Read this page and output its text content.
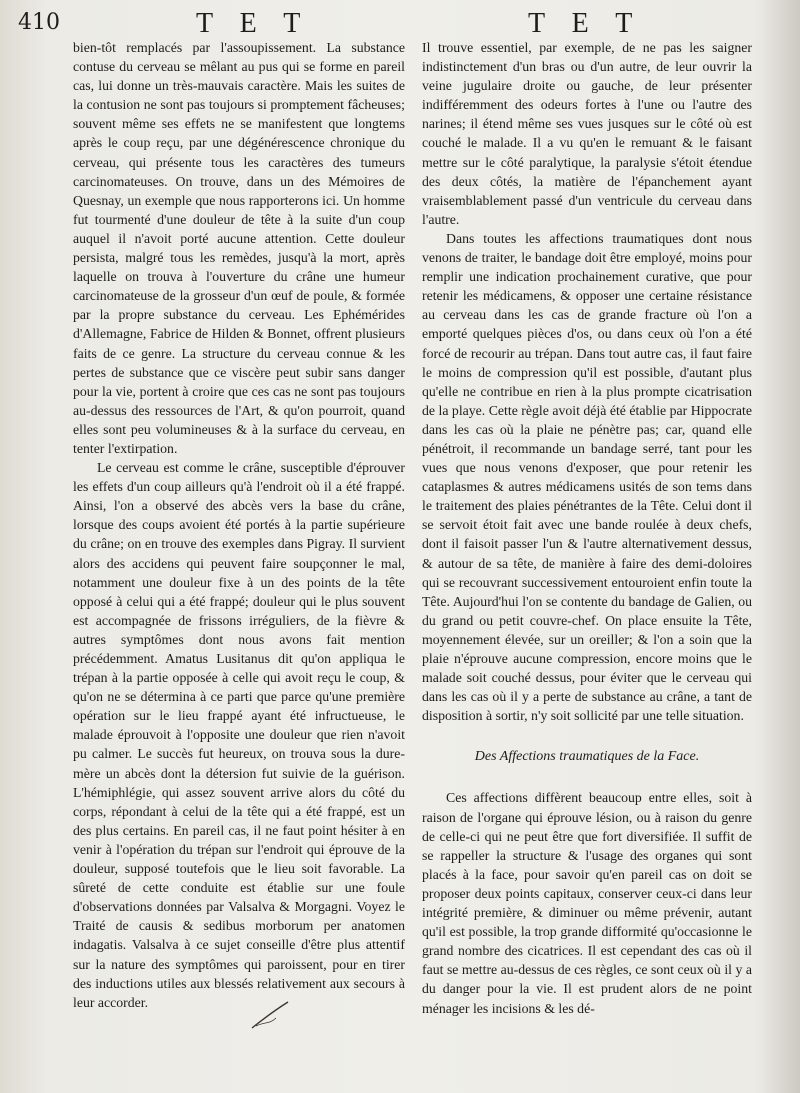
410	T E T	T E T

bien-tôt remplacés par l'assoupissement. La substance contuse du cerveau se mêlant au pus qui se forme en pareil cas, lui donne un très-mauvais caractère. Mais les suites de la contusion ne sont pas toujours si promptement fâcheuses; souvent même ses effets ne se manifestent que longtems après le coup reçu, par une dégénérescence chronique du cerveau, qui présente tous les caractères des tumeurs carcinomateuses. On trouve, dans un des Mémoires de Quesnay, un exemple que nous rapporterons ici. Un homme fut tourmenté d'une douleur de tête à la suite d'un coup auquel il n'avoit porté aucune attention. Cette douleur persista, malgré tous les remèdes, jusqu'à la mort, après laquelle on trouva à l'ouverture du crâne une humeur carcinomateuse de la grosseur d'un œuf de poule, & formée par la propre substance du cerveau. Les Ephémérides d'Allemagne, Fabrice de Hilden & Bonnet, offrent plusieurs faits de ce genre. La structure du cerveau connue & les pertes de substance que ce viscère peut subir sans danger pour la vie, portent à croire que ces cas ne sont pas toujours au-dessus des ressources de l'Art, & qu'on pourroit, quand elles sont peu volumineuses & à la surface du cerveau, en tenter l'extirpation.

Le cerveau est comme le crâne, susceptible d'éprouver les effets d'un coup ailleurs qu'à l'endroit où il a été frappé. Ainsi, l'on a observé des abcès vers la base du crâne, lorsque des coups avoient été portés à la partie supérieure du crâne; on en trouve des exemples dans Pigray. Il survient alors des accidens qui peuvent faire soupçonner le mal, notamment une douleur fixe à un des points de la tête opposé à celui qui a été frappé; douleur qui le plus souvent est accompagnée de frissons irréguliers, de la fièvre & autres symptômes dont nous avons fait mention précédemment. Amatus Lusitanus dit qu'on appliqua le trépan à la partie opposée à celle qui avoit reçu le coup, & qu'on ne se détermina à ce parti que parce qu'une première opération sur le lieu frappé ayant été infructueuse, le malade éprouvoit à l'opposite une douleur que rien n'avoit pu calmer. Le succès fut heureux, on trouva sous la dure-mère un abcès dont la détersion fut suivie de la guérison. L'hémiphlégie, qui assez souvent arrive alors du côté du corps, répondant à celui de la tête qui a été frappé, est un des plus certains. En pareil cas, il ne faut point hésiter à en venir à l'opération du trépan sur l'endroit qui éprouve de la douleur, supposé toutefois que le lieu soit favorable. La sûreté de cette conduite est établie sur une foule d'observations données par Valsalva & Morgagni. Voyez le Traité de causis & sedibus morborum per anatomen indagatis. Valsalva à ce sujet conseille d'être plus attentif sur la nature des symptômes qui paroissent, pour en tirer des inductions utiles aux blessés relativement aux secours à leur accorder.

Il trouve essentiel, par exemple, de ne pas les saigner indistinctement d'un bras ou d'un autre, de leur ouvrir la veine jugulaire droite ou gauche, de leur présenter indifféremment des odeurs fortes à l'une ou l'autre des narines; il étend même ses vues jusques sur le côté où est couché le malade. Il a vu qu'en le remuant & le faisant mettre sur le côté paralytique, la paralysie s'étoit étendue des deux côtés, la matière de l'épanchement ayant vraisemblablement passé d'un ventricule du cerveau dans l'autre.

Dans toutes les affections traumatiques dont nous venons de traiter, le bandage doit être employé, moins pour remplir une indication prochainement curative, que pour retenir les médicamens, & opposer une certaine résistance au cerveau dans les cas de grande fracture où l'on a emporté quelques pièces d'os, ou dans ceux où l'on a été forcé de recourir au trépan. Dans tout autre cas, il faut faire le moins de compression qu'il est possible, d'autant plus qu'elle ne contribue en rien à la plus prompte cicatrisation de la playe. Cette règle avoit déjà été établie par Hippocrate dans les cas où la plaie ne pénètre pas; car, quand elle pénétroit, il recommande un bandage serré, tant pour les vues que nous venons d'exposer, que pour retenir les cataplasmes & autres médicamens usités de son tems dans le traitement des plaies pénétrantes de la Tête. Celui dont il se servoit étoit fait avec une bande roulée à deux chefs, dont il faisoit passer l'un & l'autre alternativement dessus, & autour de sa tête, de manière à faire des demi-doloires qui se recouvrant successivement entouroient enfin toute la Tête. Aujourd'hui l'on se contente du bandage de Galien, ou du grand ou petit couvre-chef. On place ensuite la Tête, moyennement élevée, sur un oreiller; & l'on a soin que la plaie n'éprouve aucune compression, encore moins que le malade soit couché dessus, pour éviter que le cerveau qui dans les cas où il y a perte de substance au crâne, a tant de disposition à sortir, n'y soit sollicité par une telle situation.

Des Affections traumatiques de la Face.

Ces affections diffèrent beaucoup entre elles, soit à raison de l'organe qui éprouve lésion, ou à raison du genre de celle-ci qui ne peut être que fort diversifiée. Il suffit de se rappeller la structure & l'usage des organes qui sont placés à la face, pour savoir qu'en pareil cas on doit se proposer deux points capitaux, conserver ceux-ci dans leur intégrité première, & diminuer ou même prévenir, autant qu'il est possible, la trop grande difformité qu'occasionne le grand nombre des cicatrices. Il est cependant des cas où il faut se mettre au-dessus de ces règles, ce sont ceux où il y a du danger pour la vie. Il est prudent alors de ne point ménager les incisions & les dé-
